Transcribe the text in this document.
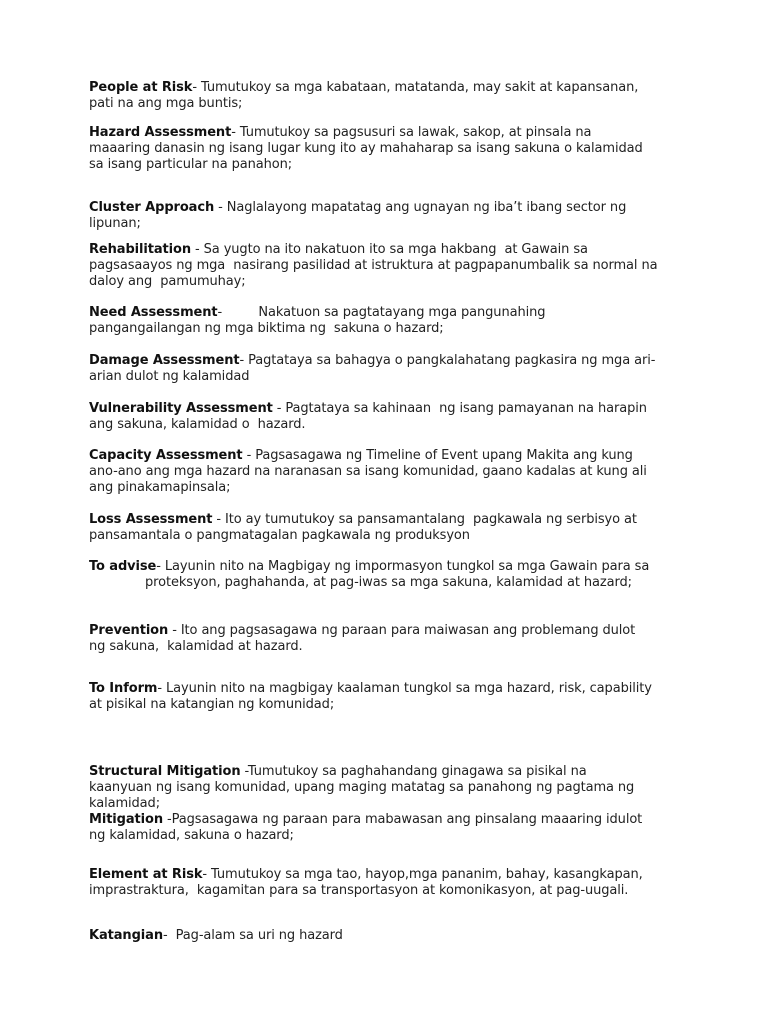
People at Risk- Tumutukoy sa mga kabataan, matatanda, may sakit at kapansanan,
pati na ang mga buntis;
Hazard Assessment- Tumutukoy sa pagsusuri sa lawak, sakop, at pinsala na
maaaring danasin ng isang lugar kung ito ay mahaharap sa isang sakuna o kalamidad
sa isang particular na panahon;
Cluster Approach - Naglalayong mapatatag ang ugnayan ng iba’t ibang sector ng
lipunan;
Rehabilitation - Sa yugto na ito nakatuon ito sa mga hakbang  at Gawain sa
pagsasaayos ng mga  nasirang pasilidad at istruktura at pagpapanumbalik sa normal na
daloy ang  pamumuhay;
Need Assessment-         Nakatuon sa pagtatayang mga pangunahing
pangangailangan ng mga biktima ng  sakuna o hazard;
Damage Assessment- Pagtataya sa bahagya o pangkalahatang pagkasira ng mga ari-
arian dulot ng kalamidad
Vulnerability Assessment - Pagtataya sa kahinaan  ng isang pamayanan na harapin
ang sakuna, kalamidad o  hazard.
Capacity Assessment - Pagsasagawa ng Timeline of Event upang Makita ang kung
ano-ano ang mga hazard na naranasan sa isang komunidad, gaano kadalas at kung ali
ang pinakamapinsala;
Loss Assessment - Ito ay tumutukoy sa pansamantalang  pagkawala ng serbisyo at
pansamantala o pangmatagalan pagkawala ng produksyon
To advise- Layunin nito na Magbigay ng impormasyon tungkol sa mga Gawain para sa
proteksyon, paghahanda, at pag-iwas sa mga sakuna, kalamidad at hazard;
Prevention - Ito ang pagsasagawa ng paraan para maiwasan ang problemang dulot
ng sakuna,  kalamidad at hazard.
To Inform- Layunin nito na magbigay kaalaman tungkol sa mga hazard, risk, capability
at pisikal na katangian ng komunidad;
Structural Mitigation -Tumutukoy sa paghahandang ginagawa sa pisikal na
kaanyuan ng isang komunidad, upang maging matatag sa panahong ng pagtama ng
kalamidad;
Mitigation -Pagsasagawa ng paraan para mabawasan ang pinsalang maaaring idulot
ng kalamidad, sakuna o hazard;
Element at Risk- Tumutukoy sa mga tao, hayop,mga pananim, bahay, kasangkapan,
imprastraktura,  kagamitan para sa transportasyon at komonikasyon, at pag-uugali.
Katangian-  Pag-alam sa uri ng hazard
